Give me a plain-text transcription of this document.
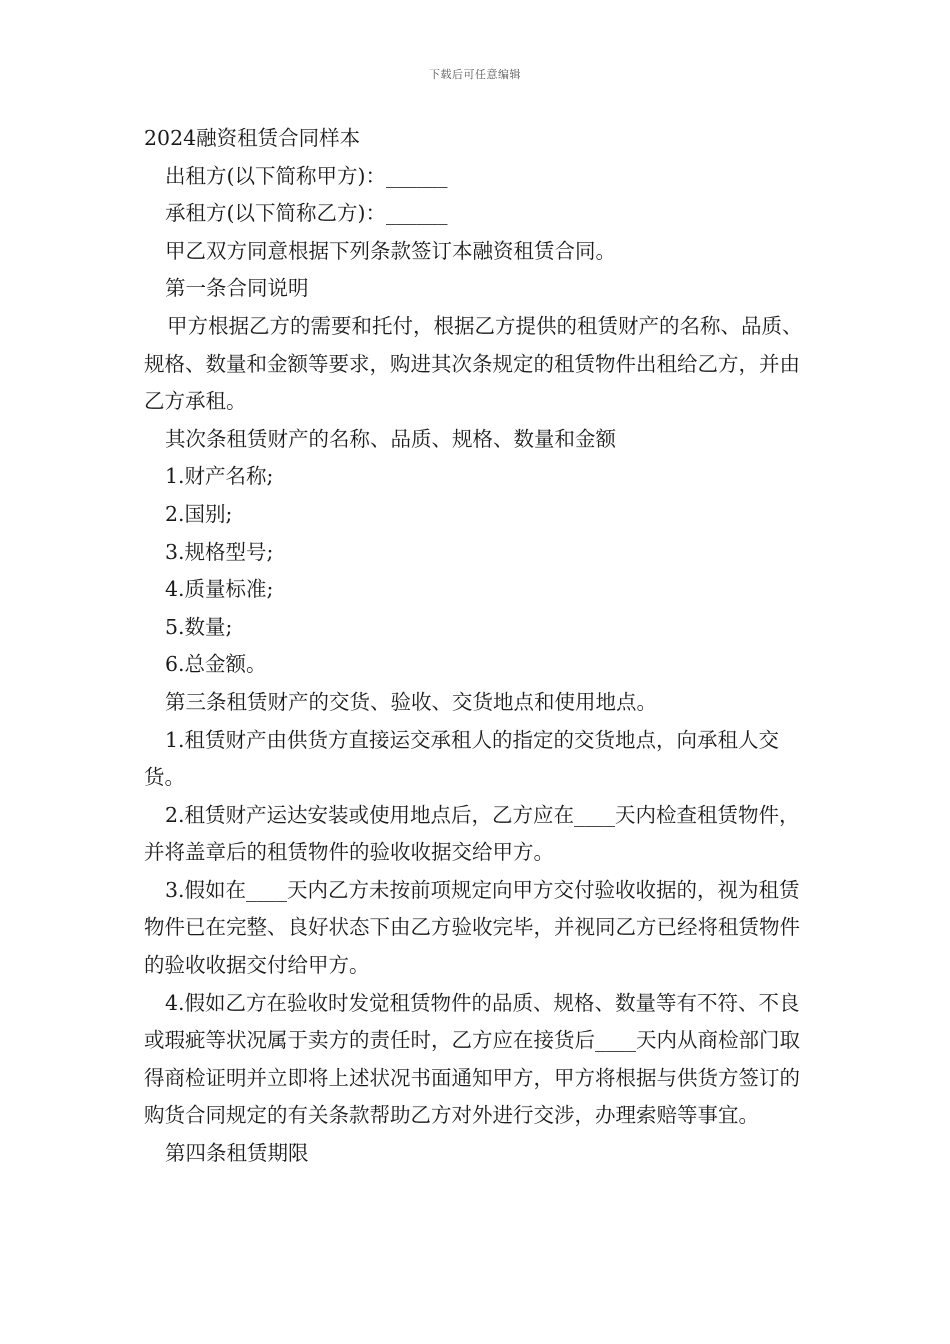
下载后可任意编辑

2024融资租赁合同样本

出租方(以下简称甲方)：______

承租方(以下简称乙方)：______

甲乙双方同意根据下列条款签订本融资租赁合同。

第一条合同说明

甲方根据乙方的需要和托付，根据乙方提供的租赁财产的名称、品质、规格、数量和金额等要求，购进其次条规定的租赁物件出租给乙方，并由乙方承租。

其次条租赁财产的名称、品质、规格、数量和金额

1.财产名称;

2.国别;

3.规格型号;

4.质量标准;

5.数量;

6.总金额。

第三条租赁财产的交货、验收、交货地点和使用地点。

1.租赁财产由供货方直接运交承租人的指定的交货地点，向承租人交货。

2.租赁财产运达安装或使用地点后，乙方应在____天内检查租赁物件，并将盖章后的租赁物件的验收收据交给甲方。

3.假如在____天内乙方未按前项规定向甲方交付验收收据的，视为租赁物件已在完整、良好状态下由乙方验收完毕，并视同乙方已经将租赁物件的验收收据交付给甲方。

4.假如乙方在验收时发觉租赁物件的品质、规格、数量等有不符、不良或瑕疵等状况属于卖方的责任时，乙方应在接货后____天内从商检部门取得商检证明并立即将上述状况书面通知甲方，甲方将根据与供货方签订的购货合同规定的有关条款帮助乙方对外进行交涉，办理索赔等事宜。

第四条租赁期限
